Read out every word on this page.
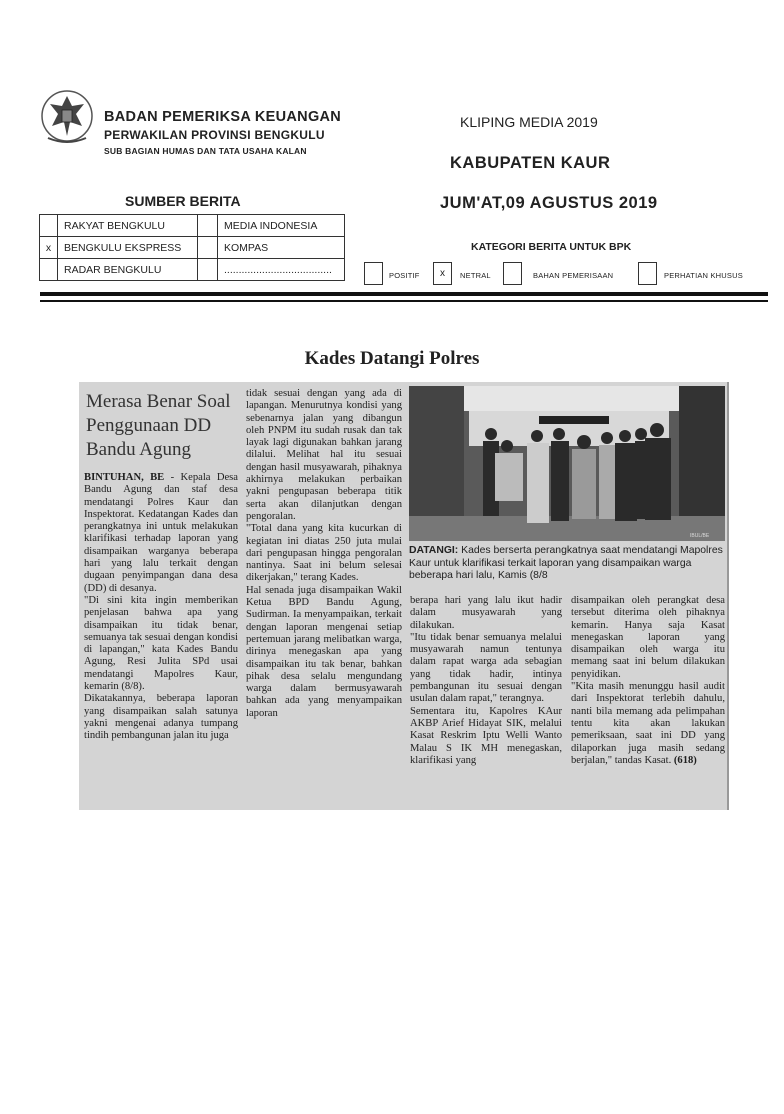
BADAN PEMERIKSA KEUANGAN
PERWAKILAN PROVINSI BENGKULU
SUB BAGIAN HUMAS DAN TATA USAHA KALAN
KLIPING MEDIA 2019
KABUPATEN KAUR
JUM'AT,09 AGUSTUS 2019
SUMBER BERITA
	RAKYAT BENGKULU		MEDIA INDONESIA
x	BENGKULU EKSPRESS		KOMPAS
	RADAR BENGKULU		.....................................
KATEGORI BERITA UNTUK BPK
POSITIF	x	NETRAL	BAHAN PEMERISAAN	PERHATIAN KHUSUS
Kades Datangi Polres
IBUL/BE
DATANGI: Kades berserta perangkatnya saat mendatangi Mapolres Kaur untuk klarifikasi terkait laporan yang disampaikan warga beberapa hari lalu, Kamis (8/8
Merasa Benar Soal Penggunaan DD Bandu Agung

BINTUHAN, BE - Kepala Desa Bandu Agung dan staf desa mendatangi Polres Kaur dan Inspektorat. Kedatangan Kades dan perangkatnya ini untuk melakukan klarifikasi terhadap laporan yang disampaikan warganya beberapa hari yang lalu terkait dengan dugaan penyimpangan dana desa (DD) di desanya.

"Di sini kita ingin memberikan penjelasan bahwa apa yang disampaikan itu tidak benar, semuanya tak sesuai dengan kondisi di lapangan," kata Kades Bandu Agung, Resi Julita SPd usai mendatangi Mapolres Kaur, kemarin (8/8).

Dikatakannya, beberapa laporan yang disampaikan salah satunya yakni mengenai adanya tumpang tindih pembangunan jalan itu juga

tidak sesuai dengan yang ada di lapangan. Menurutnya kondisi yang sebenarnya jalan yang dibangun oleh PNPM itu sudah rusak dan tak layak lagi digunakan bahkan jarang dilalui. Melihat hal itu sesuai dengan hasil musyawarah, pihaknya akhirnya melakukan perbaikan yakni pengupasan beberapa titik serta akan dilanjutkan dengan pengoralan.

"Total dana yang kita kucurkan di kegiatan ini diatas 250 juta mulai dari pengupasan hingga pengoralan nantinya. Saat ini belum selesai dikerjakan," terang Kades.

Hal senada juga disampaikan Wakil Ketua BPD Bandu Agung, Sudirman. Ia menyampaikan, terkait dengan laporan mengenai setiap pertemuan jarang melibatkan warga, dirinya menegaskan apa yang disampaikan itu tak benar, bahkan pihak desa selalu mengundang warga dalam bermusyawarah bahkan ada yang menyampaikan laporan

berapa hari yang lalu ikut hadir dalam musyawarah yang dilakukan.

"Itu tidak benar semuanya melalui musyawarah namun tentunya dalam rapat warga ada sebagian yang tidak hadir, intinya pembangunan itu sesuai dengan usulan dalam rapat," terangnya.

Sementara itu, Kapolres KAur AKBP Arief Hidayat SIK, melalui Kasat Reskrim Iptu Welli Wanto Malau S IK MH menegaskan, klarifikasi yang

disampaikan oleh perangkat desa tersebut diterima oleh pihaknya kemarin. Hanya saja Kasat menegaskan laporan yang disampaikan oleh warga itu memang saat ini belum dilakukan penyidikan.

"Kita masih menunggu hasil audit dari Inspektorat terlebih dahulu, nanti bila memang ada pelimpahan tentu kita akan lakukan pemeriksaan, saat ini DD yang dilaporkan juga masih sedang berjalan," tandas Kasat. (618)
